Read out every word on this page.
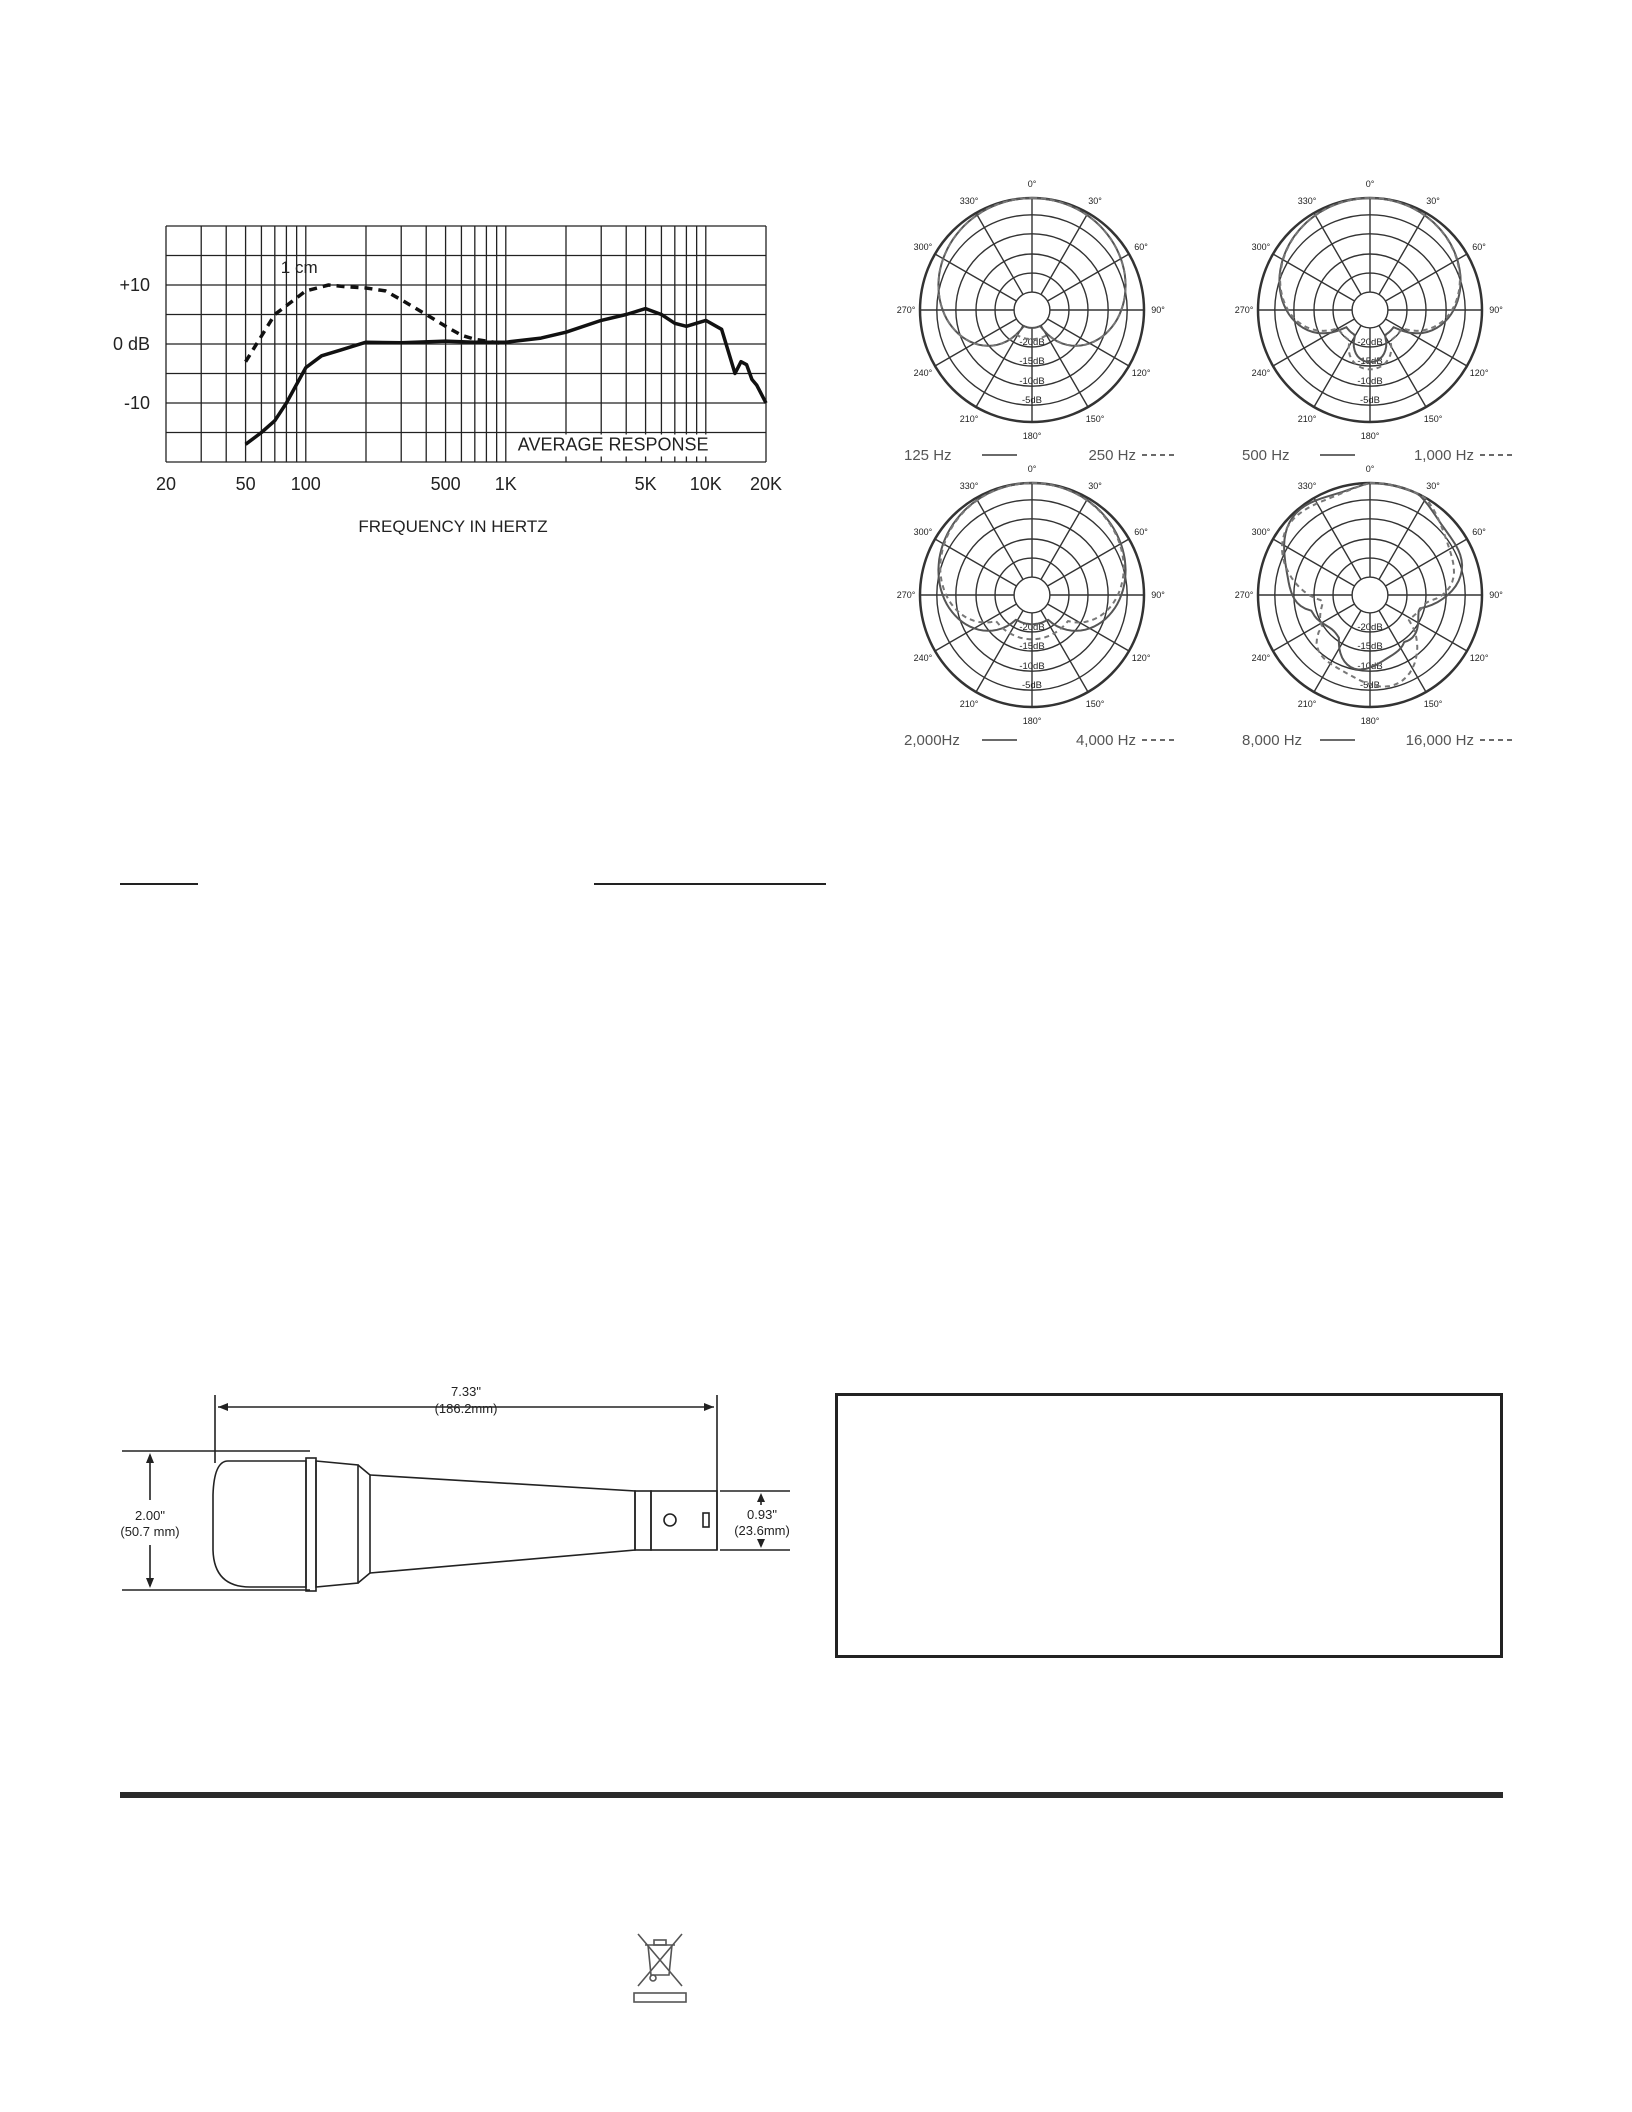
1 cm
AVERAGE RESPONSE
+10
0 dB
-10
20	50 100	500 1K	5K 10K 20K
FREQUENCY IN HERTZ
0°
30°
60°
90°
120°
150°
180°
210°
240°
270°
300°
330°
-20dB
-15dB
-10dB
-5dB
125 Hz	250 Hz
0°
30°
60°
90°
120°
150°
180°
210°
240°
270°
300°
330°
-20dB
-15dB
-10dB
-5dB
500 Hz	1,000 Hz
0°
30°
60°
90°
120°
150°
180°
210°
240°
270°
300°
330°
-20dB
-15dB
-10dB
-5dB
2,000Hz	4,000 Hz
0°
30°
60°
90°
120°
150°
180°
210°
240°
270°
300°
330°
-20dB
-15dB
-10dB
-5dB
8,000 Hz	16,000 Hz
7.33"
(186.2mm)
2.00"
(50.7 mm)
0.93"
(23.6mm)
